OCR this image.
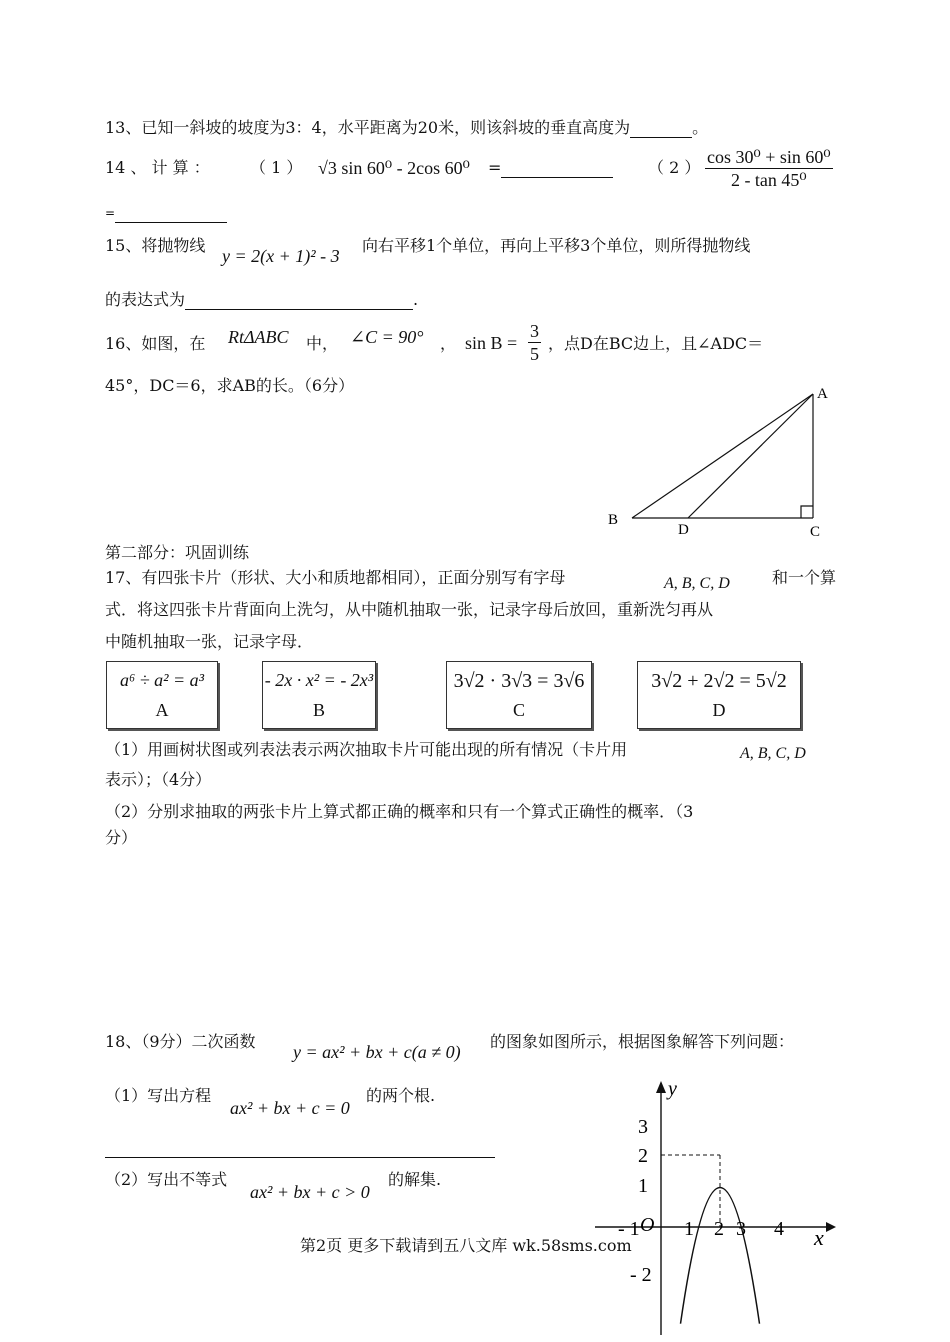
13、已知一斜坡的坡度为3：4，水平距离为20米，则该斜坡的垂直高度为	。
14 、 计 算 ：	（ 1 ） √3 sin 60⁰ - 2cos 60⁰ =	（ 2 ） $\frac{\text{cos 30⁰ + sin 60⁰}}{\text{2 - tan 45⁰}}$
=
15、将抛物线
y = 2(x + 1)² - 3
向右平移1个单位，再向上平移3个单位，则所得抛物线
的表达式为	.
16、如图，在 RtΔABC 中， ∠C = 90° ， $\sin B = \frac{3}{5}$ ，点D在BC边上，且∠ADC＝
45°，DC＝6，求AB的长。（6分）	A
B
D	C
第二部分：巩固训练
17、有四张卡片（形状、大小和质地都相同），正面分别写有字母	A, B, C, D	和一个算
式．将这四张卡片背面向上洗匀，从中随机抽取一张，记录字母后放回，重新洗匀再从
中随机抽取一张，记录字母．
a⁶ ÷ a² = a³
A
- 2x · x² = - 2x³
B
3√2 · 3√3 = 3√6
C
3√2 + 2√2 = 5√2
D
（1）用画树状图或列表法表示两次抽取卡片可能出现的所有情况（卡片用	A, B, C, D
表示）；（4分）
（2）分别求抽取的两张卡片上算式都正确的概率和只有一个算式正确性的概率．（3
分）
18、（9分）二次函数
y = ax² + bx + c(a ≠ 0)
的图象如图所示，根据图象解答下列问题：
（1）写出方程
ax² + bx + c = 0
的两个根.
（2）写出不等式
ax² + bx + c > 0
的解集.
y
x
3
2
1
- 2
O
- 1 1 2 3 4
第2页 更多下载请到五八文库 wk.58sms.com
